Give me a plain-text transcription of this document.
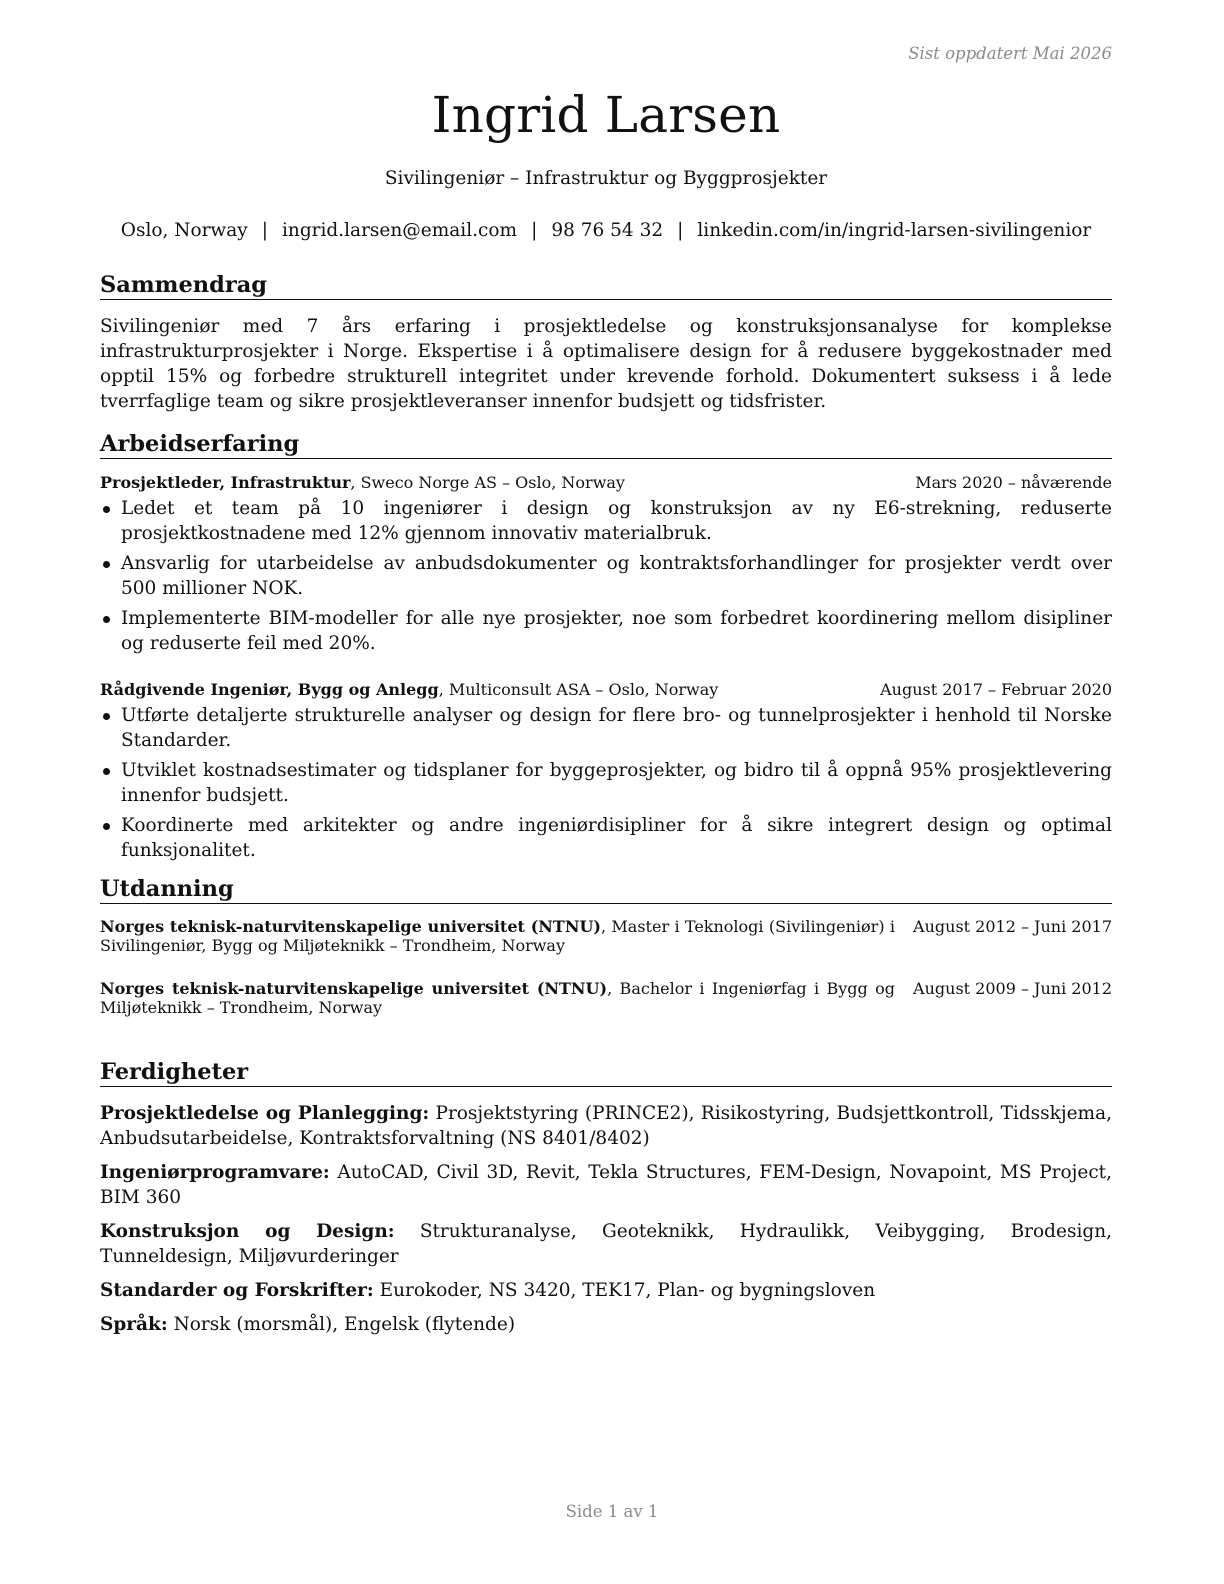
Sist oppdatert Mai 2026
Ingrid Larsen
Sivilingeniør – Infrastruktur og Byggprosjekter
Oslo, Norway | ingrid.larsen@email.com | 98 76 54 32 | linkedin.com/in/ingrid-larsen-sivilingenior
Sammendrag

Sivilingeniør med 7 års erfaring i prosjektledelse og konstruksjonsanalyse for komplekse infrastrukturprosjekter i Norge. Ekspertise i å optimalisere design for å redusere byggekostnader med opptil 15% og forbedre strukturell integritet under krevende forhold. Dokumentert suksess i å lede tverrfaglige team og sikre prosjektleveranser innenfor budsjett og tidsfrister.

Arbeidserfaring
Prosjektleder, Infrastruktur, Sweco Norge AS – Oslo, Norway	Mars 2020 – nåværende
Ledet et team på 10 ingeniører i design og konstruksjon av ny E6-strekning, reduserte prosjektkostnadene med 12% gjennom innovativ materialbruk.
Ansvarlig for utarbeidelse av anbudsdokumenter og kontraktsforhandlinger for prosjekter verdt over 500 millioner NOK.
Implementerte BIM-modeller for alle nye prosjekter, noe som forbedret koordinering mellom disipliner og reduserte feil med 20%.
Rådgivende Ingeniør, Bygg og Anlegg, Multiconsult ASA – Oslo, Norway	August 2017 – Februar 2020
Utførte detaljerte strukturelle analyser og design for flere bro- og tunnelprosjekter i henhold til Norske Standarder.
Utviklet kostnadsestimater og tidsplaner for byggeprosjekter, og bidro til å oppnå 95% prosjektlevering innenfor budsjett.
Koordinerte med arkitekter og andre ingeniørdisipliner for å sikre integrert design og optimal funksjonalitet.
Utdanning
Norges teknisk-naturvitenskapelige universitet (NTNU), Master i Teknologi (Sivilingeniør) i Sivilingeniør, Bygg og Miljøteknikk – Trondheim, Norway
August 2012 – Juni 2017
Norges teknisk-naturvitenskapelige universitet (NTNU), Bachelor i Ingeniørfag i Bygg og Miljøteknikk – Trondheim, Norway
August 2009 – Juni 2012
Ferdigheter

Prosjektledelse og Planlegging: Prosjektstyring (PRINCE2), Risikostyring, Budsjettkontroll, Tidsskjema, Anbudsutarbeidelse, Kontraktsforvaltning (NS 8401/8402)

Ingeniørprogramvare: AutoCAD, Civil 3D, Revit, Tekla Structures, FEM-Design, Novapoint, MS Project, BIM 360

Konstruksjon og Design: Strukturanalyse, Geoteknikk, Hydraulikk, Veibygging, Brodesign, Tunneldesign, Miljøvurderinger

Standarder og Forskrifter: Eurokoder, NS 3420, TEK17, Plan- og bygningsloven

Språk: Norsk (morsmål), Engelsk (flytende)

Side 1 av 1
